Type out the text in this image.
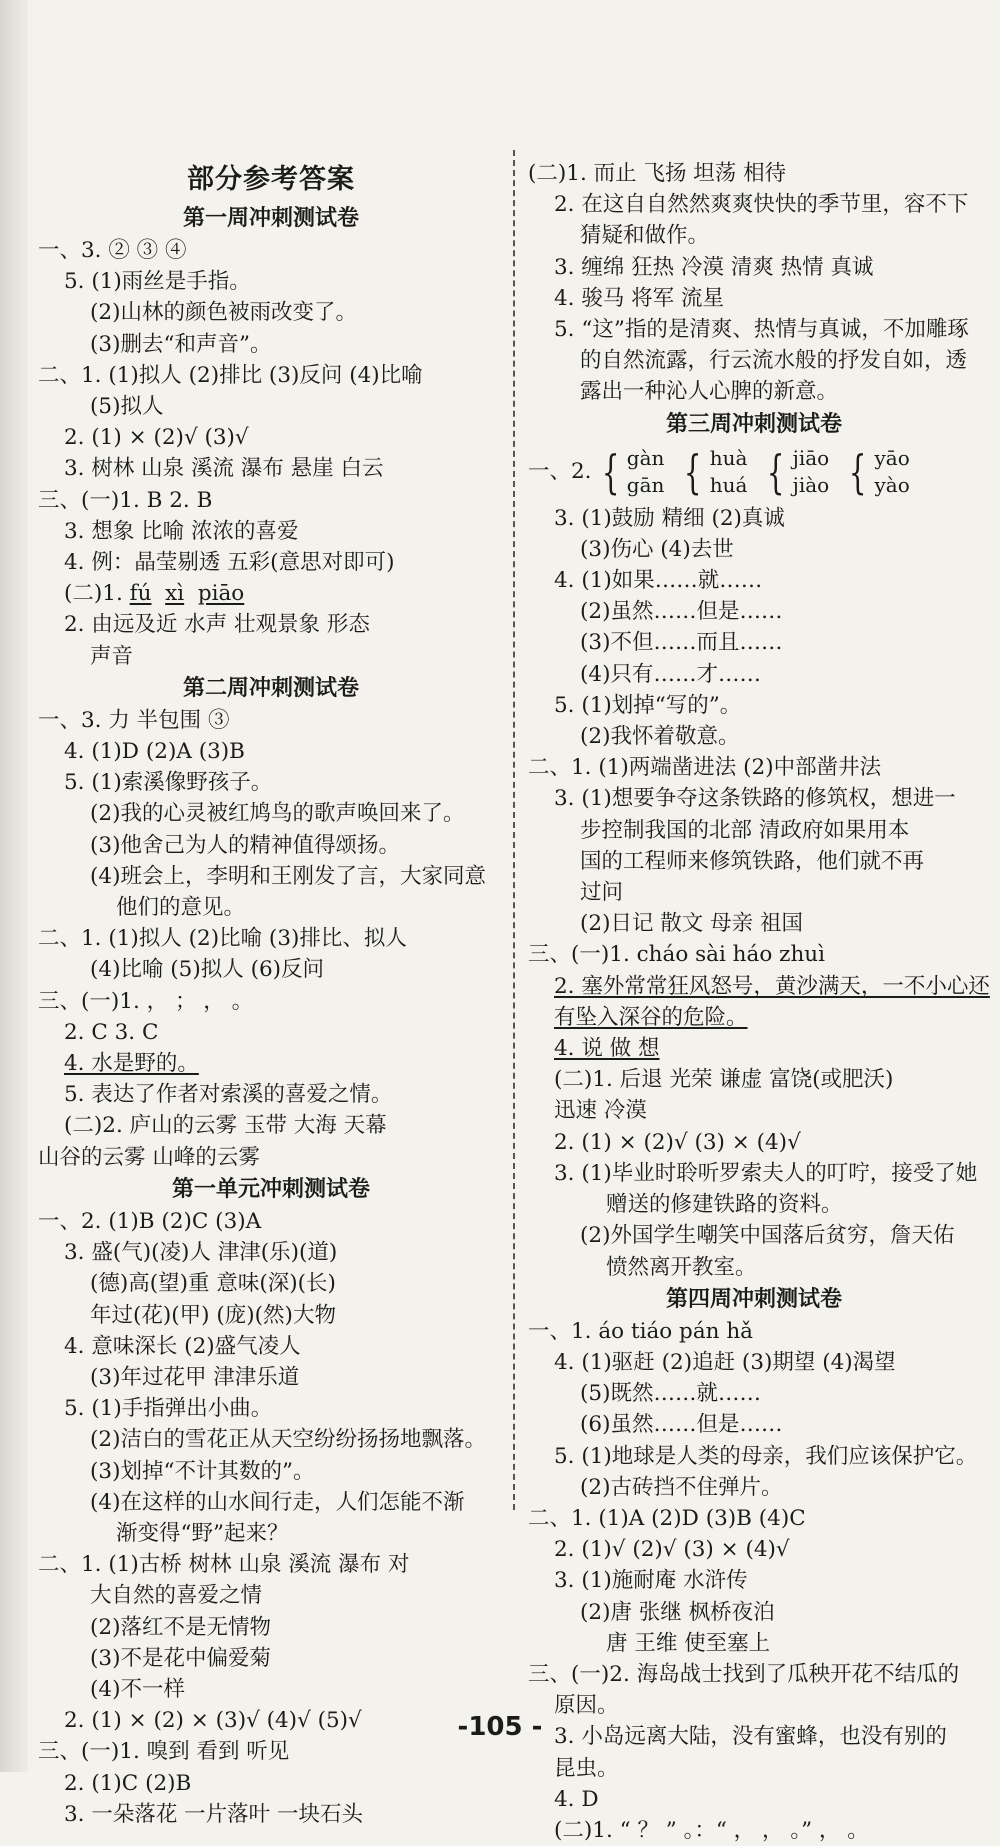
部分参考答案
第一周冲刺测试卷
一、3. ② ③ ④
5. (1)雨丝是手指。
(2)山林的颜色被雨改变了。
(3)删去“和声音”。
二、1. (1)拟人 (2)排比 (3)反问 (4)比喻
(5)拟人
2. (1) × (2)√ (3)√
3. 树林 山泉 溪流 瀑布 悬崖 白云
三、(一)1. B 2. B
3. 想象 比喻 浓浓的喜爱
4. 例：晶莹剔透 五彩(意思对即可)
(二)1. fú xì piāo
2. 由远及近 水声 壮观景象 形态
声音
第二周冲刺测试卷
一、3. 力 半包围 ③
4. (1)D (2)A (3)B
5. (1)索溪像野孩子。
(2)我的心灵被红鸠鸟的歌声唤回来了。
(3)他舍己为人的精神值得颂扬。
(4)班会上，李明和王刚发了言，大家同意
他们的意见。
二、1. (1)拟人 (2)比喻 (3)排比、拟人
(4)比喻 (5)拟人 (6)反问
三、(一)1. ， ； ， 。
2. C 3. C
4. 水是野的。
5. 表达了作者对索溪的喜爱之情。
(二)2. 庐山的云雾 玉带 大海 天幕
山谷的云雾 山峰的云雾
第一单元冲刺测试卷
一、2. (1)B (2)C (3)A
3. 盛(气)(凌)人 津津(乐)(道)
(德)高(望)重 意味(深)(长)
年过(花)(甲) (庞)(然)大物
4. 意味深长 (2)盛气凌人
(3)年过花甲 津津乐道
5. (1)手指弹出小曲。
(2)洁白的雪花正从天空纷纷扬扬地飘落。
(3)划掉“不计其数的”。
(4)在这样的山水间行走，人们怎能不渐
渐变得“野”起来？
二、1. (1)古桥 树林 山泉 溪流 瀑布 对
大自然的喜爱之情
(2)落红不是无情物
(3)不是花中偏爱菊
(4)不一样
2. (1) × (2) × (3)√ (4)√ (5)√
三、(一)1. 嗅到 看到 听见
2. (1)C (2)B
3. 一朵落花 一片落叶 一块石头
(二)1. 而止 飞扬 坦荡 相待
2. 在这自自然然爽爽快快的季节里，容不下
猜疑和做作。
3. 缠绵 狂热 冷漠 清爽 热情 真诚
4. 骏马 将军 流星
5. “这”指的是清爽、热情与真诚，不加雕琢
的自然流露，行云流水般的抒发自如，透
露出一种沁人心脾的新意。
第三周冲刺测试卷
一、2. { gàn
gān { huà
huá { jiāo
jiào { yāo
yào
3. (1)鼓励 精细 (2)真诚
(3)伤心 (4)去世
4. (1)如果……就……
(2)虽然……但是……
(3)不但……而且……
(4)只有……才……
5. (1)划掉“写的”。
(2)我怀着敬意。
二、1. (1)两端凿进法 (2)中部凿井法
3. (1)想要争夺这条铁路的修筑权，想进一
步控制我国的北部 清政府如果用本
国的工程师来修筑铁路，他们就不再
过问
(2)日记 散文 母亲 祖国
三、(一)1. cháo sài háo zhuì
2. 塞外常常狂风怒号，黄沙满天，一不小心还
有坠入深谷的危险。
4. 说 做 想
(二)1. 后退 光荣 谦虚 富饶(或肥沃)
迅速 冷漠
2. (1) × (2)√ (3) × (4)√
3. (1)毕业时聆听罗索夫人的叮咛，接受了她
赠送的修建铁路的资料。
(2)外国学生嘲笑中国落后贫穷，詹天佑
愤然离开教室。
第四周冲刺测试卷
一、1. áo tiáo pán hǎ
4. (1)驱赶 (2)追赶 (3)期望 (4)渴望
(5)既然……就……
(6)虽然……但是……
5. (1)地球是人类的母亲，我们应该保护它。
(2)古砖挡不住弹片。
二、1. (1)A (2)D (3)B (4)C
2. (1)√ (2)√ (3) × (4)√
3. (1)施耐庵 水浒传
(2)唐 张继 枫桥夜泊
唐 王维 使至塞上
三、(一)2. 海岛战士找到了瓜秧开花不结瓜的
原因。
3. 小岛远离大陆，没有蜜蜂，也没有别的
昆虫。
4. D
(二)1. “ ？ ” 。：“ ， ， 。” ， 。
-105 -
